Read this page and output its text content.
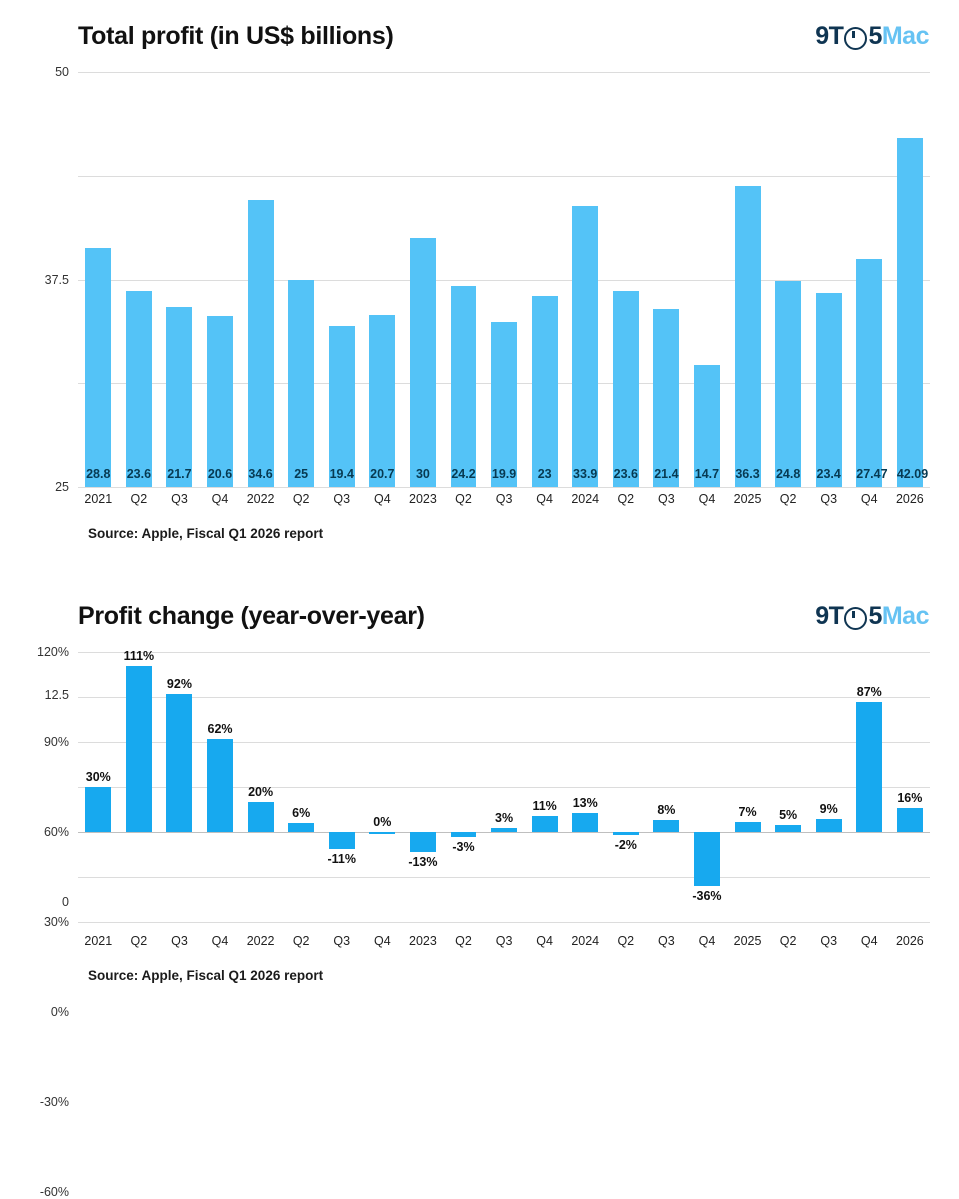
Total profit (in US$ billions)	9T 5 Mac
0
12.5
25
37.5
50
28.8 23.6 21.7 20.6 34.6	25	19.4 20.7	30	24.2 19.9	23	33.9 23.6 21.4 14.7 36.3 24.8 23.4 27.47 42.09
2021	Q2	Q3	Q4	2022	Q2	Q3	Q4	2023	Q2	Q3	Q4	2024	Q2	Q3	Q4	2025	Q2	Q3	Q4	2026
Source: Apple, Fiscal Q1 2026 report
Profit change (year-over-year)	9T 5 Mac
120%
90%
60%
30%
0%
-30%
-60%
30%
111%
92%
62%
20%
6%
-11%
0%
-13%
-3%
3%
11%	13%
-2%
8%
-36%
7%	5%	9%
87%
16%
2021	Q2	Q3	Q4	2022	Q2	Q3	Q4	2023	Q2	Q3	Q4	2024	Q2	Q3	Q4	2025	Q2	Q3	Q4	2026
Source: Apple, Fiscal Q1 2026 report
